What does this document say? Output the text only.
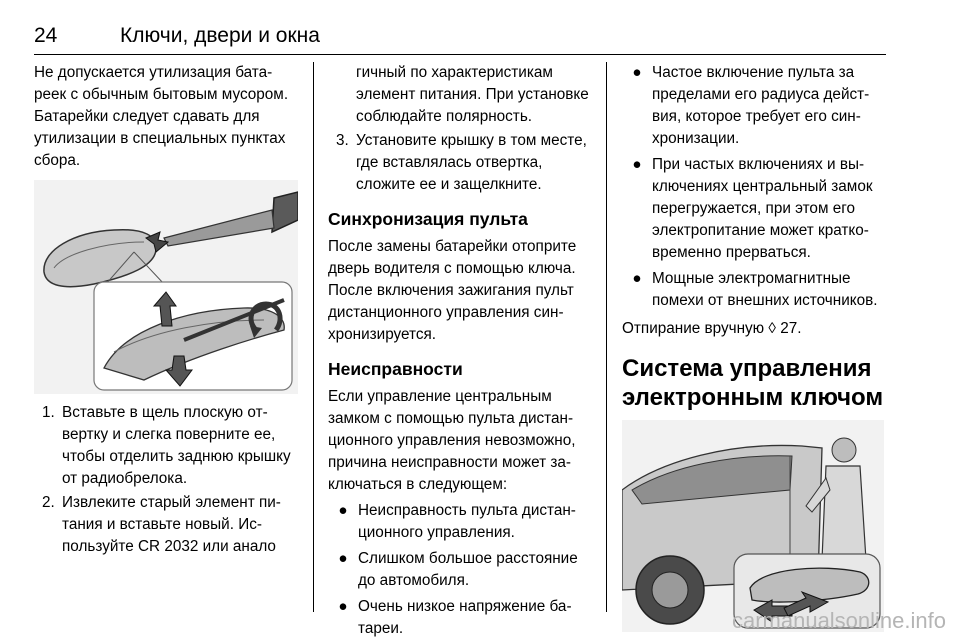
24	Ключи, двери и окна

Не допускается утилизация батареек с обычным бытовым мусором. Батарейки следует сдавать для утилизации в специальных пунктах сбора.

1. Вставьте в щель плоскую отвертку и слегка поверните ее, чтобы отделить заднюю крышку от радиобрелока.
2. Извлеките старый элемент питания и вставьте новый. Используйте CR 2032 или анало

гичный по характеристикам элемент питания. При установке соблюдайте полярность.

3. Установите крышку в том месте, где вставлялась отвертка, сложите ее и защелкните.
Синхронизация пульта

После замены батарейки отоприте дверь водителя с помощью ключа. После включения зажигания пульт дистанционного управления синхронизируется.

Неисправности

Если управление центральным замком с помощью пульта дистанционного управления невозможно, причина неисправности может заключаться в следующем:

● Неисправность пульта дистанционного управления.
● Слишком большое расстояние до автомобиля.
● Очень низкое напряжение батареи.
● Частое включение пульта за пределами его радиуса действия, которое требует его синхронизации.
● При частых включениях и выключениях центральный замок перегружается, при этом его электропитание может кратковременно прерваться.
● Мощные электромагнитные помехи от внешних источников.

Отпирание вручную ◊ 27.

Система управления электронным ключом
carmanualsonline.info
